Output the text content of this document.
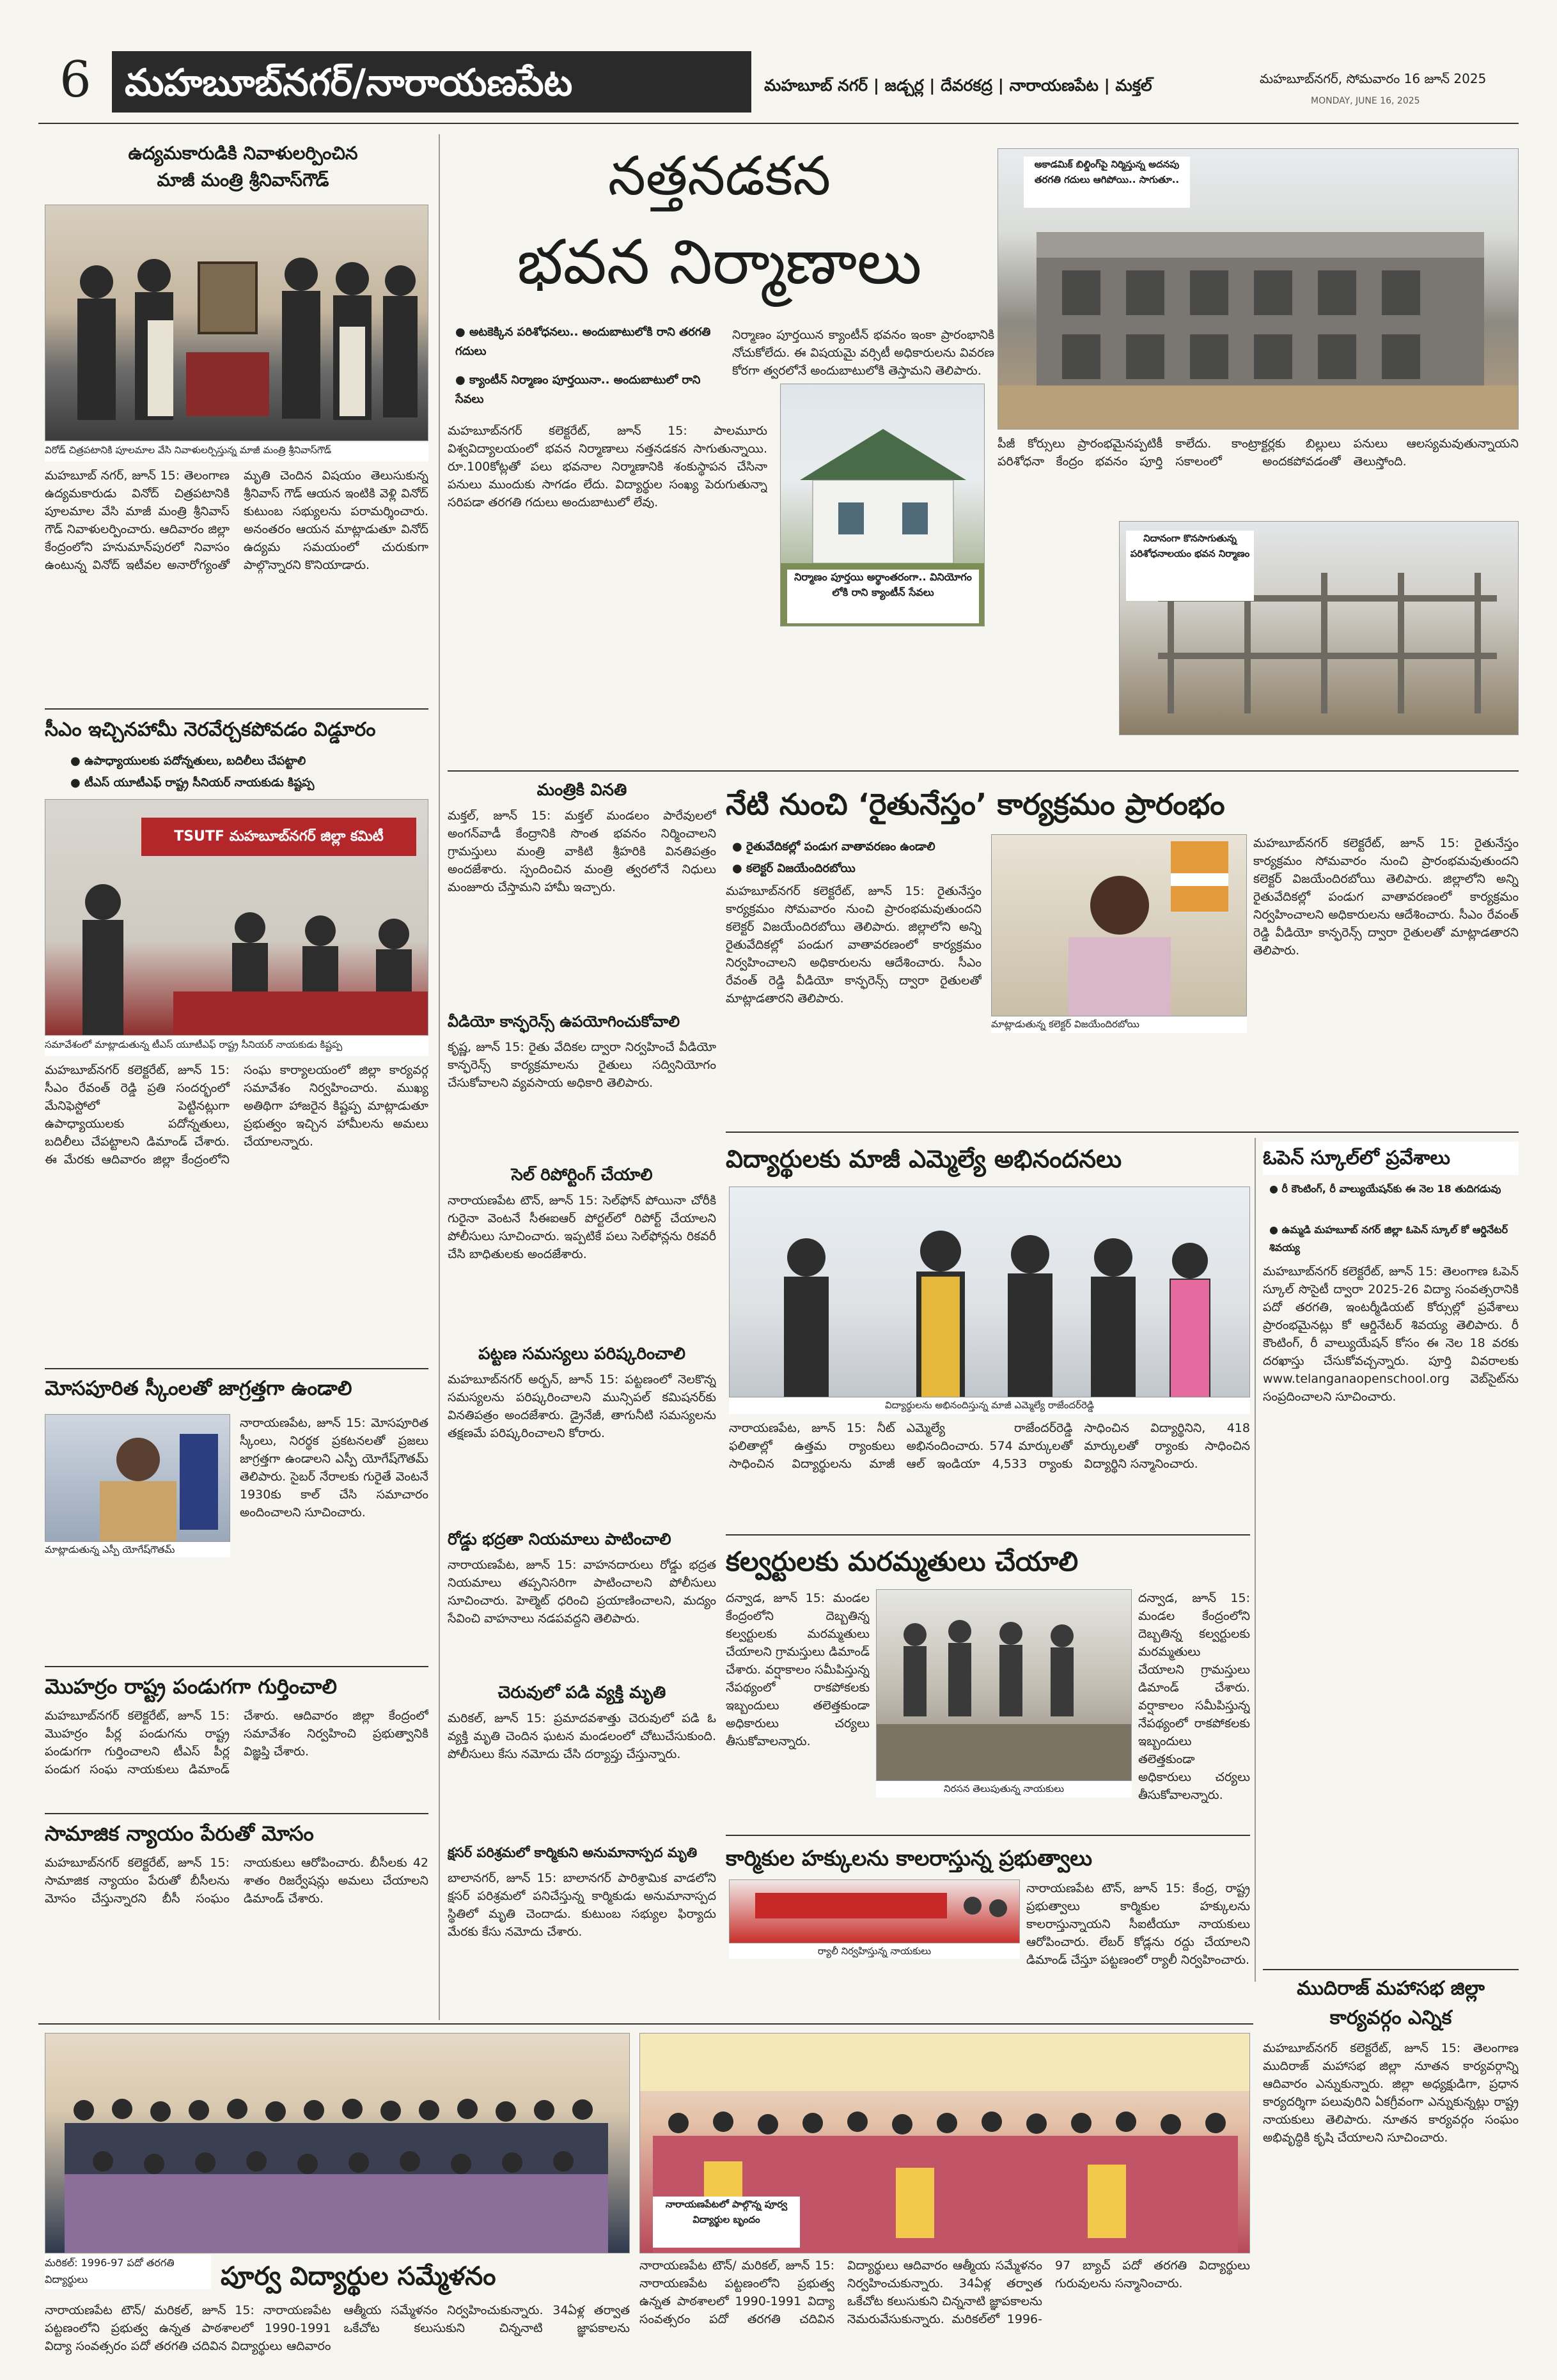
6 మహబూబ్‌నగర్/నారాయణపేట	మహబూబ్ నగర్ | జడ్చర్ల | దేవరకద్ర | నారాయణపేట | మక్తల్	మహబూబ్‌నగర్, సోమవారం 16 జూన్ 2025
MONDAY, JUNE 16, 2025
ఉద్యమకారుడికి నివాళులర్పించిన
మాజీ మంత్రి శ్రీనివాస్‌గౌడ్
విరోడ్ చిత్రపటానికి పూలమాల వేసి నివాళులర్పిస్తున్న మాజీ మంత్రి శ్రీనివాస్‌గౌడ్
మహబూబ్ నగర్, జూన్ 15: తెలంగాణ ఉద్యమకారుడు వినోద్ చిత్రపటానికి పూలమాల వేసి మాజీ మంత్రి శ్రీనివాస్ గౌడ్ నివాళులర్పించారు. ఆదివారం జిల్లా కేంద్రంలోని హనుమాన్‌పురలో నివాసం ఉంటున్న వినోద్ ఇటీవల అనారోగ్యంతో మృతి చెందిన విషయం తెలుసుకున్న శ్రీనివాస్ గౌడ్ ఆయన ఇంటికి వెళ్లి వినోద్ కుటుంబ సభ్యులను పరామర్శించారు. అనంతరం ఆయన మాట్లాడుతూ వినోద్ ఉద్యమ సమయంలో చురుకుగా పాల్గొన్నారని కొనియాడారు.
సీఎం ఇచ్చినహామీ నెరవేర్చకపోవడం విడ్డూరం
● ఉపాధ్యాయులకు పదోన్నతులు, బదిలీలు చేపట్టాలి
● టీఎస్ యూటీఎఫ్ రాష్ట్ర సీనియర్ నాయకుడు కిష్టప్ప
TSUTF మహబూబ్‌నగర్ జిల్లా కమిటీ
సమావేశంలో మాట్లాడుతున్న టీఎస్ యూటీఎఫ్ రాష్ట్ర సీనియర్ నాయకుడు కిష్టప్ప
మహబూబ్‌నగర్ కలెక్టరేట్, జూన్ 15: సీఎం రేవంత్ రెడ్డి ప్రతి సందర్భంలో మేనిఫెస్టోలో పెట్టినట్లుగా ఉపాధ్యాయులకు పదోన్నతులు, బదిలీలు చేపట్టాలని డిమాండ్ చేశారు. ఈ మేరకు ఆదివారం జిల్లా కేంద్రంలోని సంఘ కార్యాలయంలో జిల్లా కార్యవర్గ సమావేశం నిర్వహించారు. ముఖ్య అతిథిగా హాజరైన కిష్టప్ప మాట్లాడుతూ ప్రభుత్వం ఇచ్చిన హామీలను అమలు చేయాలన్నారు.
మోసపూరిత స్కీంలతో జాగ్రత్తగా ఉండాలి
మాట్లాడుతున్న ఎస్పీ యోగేష్‌గౌతమ్
నారాయణపేట, జూన్ 15: మోసపూరిత స్కీంలు, నిరర్థక ప్రకటనలతో ప్రజలు జాగ్రత్తగా ఉండాలని ఎస్పీ యోగేష్‌గౌతమ్ తెలిపారు. సైబర్ నేరాలకు గురైతే వెంటనే 1930కు కాల్ చేసి సమాచారం అందించాలని సూచించారు.
మొహర్రం రాష్ట్ర పండుగగా గుర్తించాలి
మహబూబ్‌నగర్ కలెక్టరేట్, జూన్ 15: మొహర్రం పీర్ల పండుగను రాష్ట్ర పండుగగా గుర్తించాలని టీఎస్ పీర్ల పండుగ సంఘ నాయకులు డిమాండ్ చేశారు. ఆదివారం జిల్లా కేంద్రంలో సమావేశం నిర్వహించి ప్రభుత్వానికి విజ్ఞప్తి చేశారు.
సామాజిక న్యాయం పేరుతో మోసం
మహబూబ్‌నగర్ కలెక్టరేట్, జూన్ 15: సామాజిక న్యాయం పేరుతో బీసీలను మోసం చేస్తున్నారని బీసీ సంఘం నాయకులు ఆరోపించారు. బీసీలకు 42 శాతం రిజర్వేషన్లు అమలు చేయాలని డిమాండ్ చేశారు.
నత్తనడకన
భవన నిర్మాణాలు
● అటకెక్కిన పరిశోధనలు.. అందుబాటులోకి రాని తరగతి గదులు
● క్యాంటీన్ నిర్మాణం పూర్తయినా.. అందుబాటులో రాని సేవలు
నిర్మాణం పూర్తయి అర్థాంతరంగా.. వినియోగం లోకి రాని క్యాంటీన్ సేవలు
మహబూబ్‌నగర్ కలెక్టరేట్, జూన్ 15: పాలమూరు విశ్వవిద్యాలయంలో భవన నిర్మాణాలు నత్తనడకన సాగుతున్నాయి. రూ.100కోట్లతో పలు భవనాల నిర్మాణానికి శంకుస్థాపన చేసినా పనులు ముందుకు సాగడం లేదు. విద్యార్థుల సంఖ్య పెరుగుతున్నా సరిపడా తరగతి గదులు అందుబాటులో లేవు.
నిర్మాణం పూర్తయిన క్యాంటీన్ భవనం ఇంకా ప్రారంభానికి నోచుకోలేదు. ఈ విషయమై వర్సిటీ అధికారులను వివరణ కోరగా త్వరలోనే అందుబాటులోకి తెస్తామని తెలిపారు.
అకాడమిక్ బిల్డింగ్‌పై నిర్మిస్తున్న అదనపు తరగతి గదులు ఆగిపోయి.. సాగుతూ..
పీజీ కోర్సులు ప్రారంభమైనప్పటికీ పరిశోధనా కేంద్రం భవనం పూర్తి కాలేదు. కాంట్రాక్టర్లకు బిల్లులు సకాలంలో అందకపోవడంతో పనులు ఆలస్యమవుతున్నాయని తెలుస్తోంది.
నిదానంగా కొనసాగుతున్న పరిశోధనాలయం భవన నిర్మాణం
మంత్రికి వినతి
మక్తల్, జూన్ 15: మక్తల్ మండలం పారేవులలో అంగన్‌వాడీ కేంద్రానికి సొంత భవనం నిర్మించాలని గ్రామస్తులు మంత్రి వాకిటి శ్రీహరికి వినతిపత్రం అందజేశారు. స్పందించిన మంత్రి త్వరలోనే నిధులు మంజూరు చేస్తామని హామీ ఇచ్చారు.
వీడియో కాన్ఫరెన్స్ ఉపయోగించుకోవాలి
కృష్ణ, జూన్ 15: రైతు వేదికల ద్వారా నిర్వహించే వీడియో కాన్ఫరెన్స్ కార్యక్రమాలను రైతులు సద్వినియోగం చేసుకోవాలని వ్యవసాయ అధికారి తెలిపారు.
సెల్ రిపోర్టింగ్ చేయాలి
నారాయణపేట టౌన్, జూన్ 15: సెల్‌ఫోన్ పోయినా చోరీకి గురైనా వెంటనే సీఈఐఆర్ పోర్టల్‌లో రిపోర్ట్ చేయాలని పోలీసులు సూచించారు. ఇప్పటికే పలు సెల్‌ఫోన్లను రికవరీ చేసి బాధితులకు అందజేశారు.
పట్టణ సమస్యలు పరిష్కరించాలి
మహబూబ్‌నగర్ అర్బన్, జూన్ 15: పట్టణంలో నెలకొన్న సమస్యలను పరిష్కరించాలని మున్సిపల్ కమిషనర్‌కు వినతిపత్రం అందజేశారు. డ్రైనేజీ, తాగునీటి సమస్యలను తక్షణమే పరిష్కరించాలని కోరారు.
రోడ్డు భద్రతా నియమాలు పాటించాలి
నారాయణపేట, జూన్ 15: వాహనదారులు రోడ్డు భద్రత నియమాలు తప్పనిసరిగా పాటించాలని పోలీసులు సూచించారు. హెల్మెట్ ధరించి ప్రయాణించాలని, మద్యం సేవించి వాహనాలు నడపవద్దని తెలిపారు.
చెరువులో పడి వ్యక్తి మృతి
మరికల్, జూన్ 15: ప్రమాదవశాత్తు చెరువులో పడి ఓ వ్యక్తి మృతి చెందిన ఘటన మండలంలో చోటుచేసుకుంది. పోలీసులు కేసు నమోదు చేసి దర్యాప్తు చేస్తున్నారు.
క్షసర్ పరిశ్రమలో కార్మికుని అనుమానాస్పద మృతి
బాలానగర్, జూన్ 15: బాలానగర్ పారిశ్రామిక వాడలోని క్షసర్ పరిశ్రమలో పనిచేస్తున్న కార్మికుడు అనుమానాస్పద స్థితిలో మృతి చెందాడు. కుటుంబ సభ్యుల ఫిర్యాదు మేరకు కేసు నమోదు చేశారు.
నేటి నుంచి ‘రైతునేస్తం’ కార్యక్రమం ప్రారంభం
● రైతువేదికల్లో పండుగ వాతావరణం ఉండాలి
● కలెక్టర్ విజయేందిరబోయి
మహబూబ్‌నగర్ కలెక్టరేట్, జూన్ 15: రైతునేస్తం కార్యక్రమం సోమవారం నుంచి ప్రారంభమవుతుందని కలెక్టర్ విజయేందిరబోయి తెలిపారు. జిల్లాలోని అన్ని రైతువేదికల్లో పండుగ వాతావరణంలో కార్యక్రమం నిర్వహించాలని అధికారులను ఆదేశించారు. సీఎం రేవంత్ రెడ్డి వీడియో కాన్ఫరెన్స్ ద్వారా రైతులతో మాట్లాడతారని తెలిపారు.
మాట్లాడుతున్న కలెక్టర్ విజయేందిరబోయి
మహబూబ్‌నగర్ కలెక్టరేట్, జూన్ 15: రైతునేస్తం కార్యక్రమం సోమవారం నుంచి ప్రారంభమవుతుందని కలెక్టర్ విజయేందిరబోయి తెలిపారు. జిల్లాలోని అన్ని రైతువేదికల్లో పండుగ వాతావరణంలో కార్యక్రమం నిర్వహించాలని అధికారులను ఆదేశించారు. సీఎం రేవంత్ రెడ్డి వీడియో కాన్ఫరెన్స్ ద్వారా రైతులతో మాట్లాడతారని తెలిపారు.
విద్యార్థులకు మాజీ ఎమ్మెల్యే అభినందనలు
విద్యార్థులను అభినందిస్తున్న మాజీ ఎమ్మెల్యే రాజేందర్‌రెడ్డి
నారాయణపేట, జూన్ 15: నీట్ ఫలితాల్లో ఉత్తమ ర్యాంకులు సాధించిన విద్యార్థులను మాజీ ఎమ్మెల్యే రాజేందర్‌రెడ్డి అభినందించారు. 574 మార్కులతో ఆల్ ఇండియా 4,533 ర్యాంకు సాధించిన విద్యార్థినిని, 418 మార్కులతో ర్యాంకు సాధించిన విద్యార్థిని సన్మానించారు.
ఓపెన్ స్కూల్‌లో ప్రవేశాలు
● రీ కౌంటింగ్, రీ వాల్యుయేషన్‌కు ఈ నెల 18 తుదిగడువు
● ఉమ్మడి మహబూబ్ నగర్ జిల్లా ఓపెన్ స్కూల్ కో ఆర్డినేటర్ శివయ్య
మహబూబ్‌నగర్ కలెక్టరేట్, జూన్ 15: తెలంగాణ ఓపెన్ స్కూల్ సొసైటీ ద్వారా 2025-26 విద్యా సంవత్సరానికి పదో తరగతి, ఇంటర్మీడియట్ కోర్సుల్లో ప్రవేశాలు ప్రారంభమైనట్లు కో ఆర్డినేటర్ శివయ్య తెలిపారు. రీ కౌంటింగ్, రీ వాల్యుయేషన్ కోసం ఈ నెల 18 వరకు దరఖాస్తు చేసుకోవచ్చన్నారు. పూర్తి వివరాలకు www.telanganaopenschool.org వెబ్‌సైట్‌ను సంప్రదించాలని సూచించారు.
కల్వర్టులకు మరమ్మతులు చేయాలి
దన్వాడ, జూన్ 15: మండల కేంద్రంలోని దెబ్బతిన్న కల్వర్టులకు మరమ్మతులు చేయాలని గ్రామస్తులు డిమాండ్ చేశారు. వర్షాకాలం సమీపిస్తున్న నేపథ్యంలో రాకపోకలకు ఇబ్బందులు తలెత్తకుండా అధికారులు చర్యలు తీసుకోవాలన్నారు.
నిరసన తెలుపుతున్న నాయకులు
దన్వాడ, జూన్ 15: మండల కేంద్రంలోని దెబ్బతిన్న కల్వర్టులకు మరమ్మతులు చేయాలని గ్రామస్తులు డిమాండ్ చేశారు. వర్షాకాలం సమీపిస్తున్న నేపథ్యంలో రాకపోకలకు ఇబ్బందులు తలెత్తకుండా అధికారులు చర్యలు తీసుకోవాలన్నారు.
కార్మికుల హక్కులను కాలరాస్తున్న ప్రభుత్వాలు
ర్యాలీ నిర్వహిస్తున్న నాయకులు
నారాయణపేట టౌన్, జూన్ 15: కేంద్ర, రాష్ట్ర ప్రభుత్వాలు కార్మికుల హక్కులను కాలరాస్తున్నాయని సీఐటీయూ నాయకులు ఆరోపించారు. లేబర్ కోడ్లను రద్దు చేయాలని డిమాండ్ చేస్తూ పట్టణంలో ర్యాలీ నిర్వహించారు.
ముదిరాజ్ మహాసభ జిల్లా కార్యవర్గం ఎన్నిక
మహబూబ్‌నగర్ కలెక్టరేట్, జూన్ 15: తెలంగాణ ముదిరాజ్ మహాసభ జిల్లా నూతన కార్యవర్గాన్ని ఆదివారం ఎన్నుకున్నారు. జిల్లా అధ్యక్షుడిగా, ప్రధాన కార్యదర్శిగా పలువురిని ఏకగ్రీవంగా ఎన్నుకున్నట్లు రాష్ట్ర నాయకులు తెలిపారు. నూతన కార్యవర్గం సంఘం అభివృద్ధికి కృషి చేయాలని సూచించారు.
మరికల్: 1996-97 పదో తరగతి విద్యార్థులు
నారాయణపేటలో పాల్గొన్న పూర్వ విద్యార్థుల బృందం
పూర్వ విద్యార్థుల సమ్మేళనం	నారాయణపేట టౌన్/ మరికల్, జూన్ 15: నారాయణపేట పట్టణంలోని ప్రభుత్వ ఉన్నత పాఠశాలలో 1990-1991 విద్యా సంవత్సరం పదో తరగతి చదివిన విద్యార్థులు ఆదివారం ఆత్మీయ సమ్మేళనం నిర్వహించుకున్నారు. 34ఏళ్ల తర్వాత ఒకేచోట కలుసుకుని చిన్ననాటి జ్ఞాపకాలను నెమరువేసుకున్నారు. మరికల్‌లో 1996-97 బ్యాచ్ పదో తరగతి విద్యార్థులు గురువులను సన్మానించారు.
నారాయణపేట టౌన్/ మరికల్, జూన్ 15: నారాయణపేట పట్టణంలోని ప్రభుత్వ ఉన్నత పాఠశాలలో 1990-1991 విద్యా సంవత్సరం పదో తరగతి చదివిన విద్యార్థులు ఆదివారం ఆత్మీయ సమ్మేళనం నిర్వహించుకున్నారు. 34ఏళ్ల తర్వాత ఒకేచోట కలుసుకుని చిన్ననాటి జ్ఞాపకాలను
